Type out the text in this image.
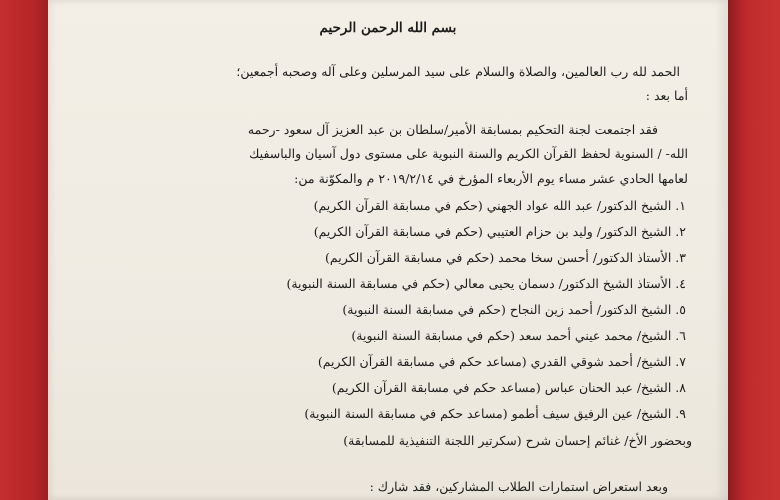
بسم الله الرحمن الرحيم
الحمد لله رب العالمين، والصلاة والسلام على سيد المرسلين وعلى آله وصحبه أجمعين؛
أما بعد :
فقد اجتمعت لجنة التحكيم بمسابقة الأمير/سلطان بن عبد العزيز آل سعود -رحمه
الله- / السنوية لحفظ القرآن الكريم والسنة النبوية على مستوى دول آسيان والباسفيك
لعامها الحادي عشر مساء يوم الأربعاء المؤرخ في ٢٠١٩/٢/١٤ م والمكوّنة من:
١. الشيخ الدكتور/ عبد الله عواد الجهني (حكم في مسابقة القرآن الكريم)
٢. الشيخ الدكتور/ وليد بن حزام العتيبي (حكم في مسابقة القرآن الكريم)
٣. الأستاذ الدكتور/ أحسن سخا محمد (حكم في مسابقة القرآن الكريم)
٤. الأستاذ الشيخ الدكتور/ دسمان يحيى معالي (حكم في مسابقة السنة النبوية)
٥. الشيخ الدكتور/ أحمد زين النجاح (حكم في مسابقة السنة النبوية)
٦. الشيخ/ محمد عيني أحمد سعد (حكم في مسابقة السنة النبوية)
٧. الشيخ/ أحمد شوقي القدري (مساعد حكم في مسابقة القرآن الكريم)
٨. الشيخ/ عبد الحنان عباس (مساعد حكم في مسابقة القرآن الكريم)
٩. الشيخ/ عين الرفيق سيف أطمو (مساعد حكم في مسابقة السنة النبوية)
وبحضور الأخ/ غنائم إحسان شرح (سكرتير اللجنة التنفيذية للمسابقة)
وبعد استعراض استمارات الطلاب المشاركين، فقد شارك :
